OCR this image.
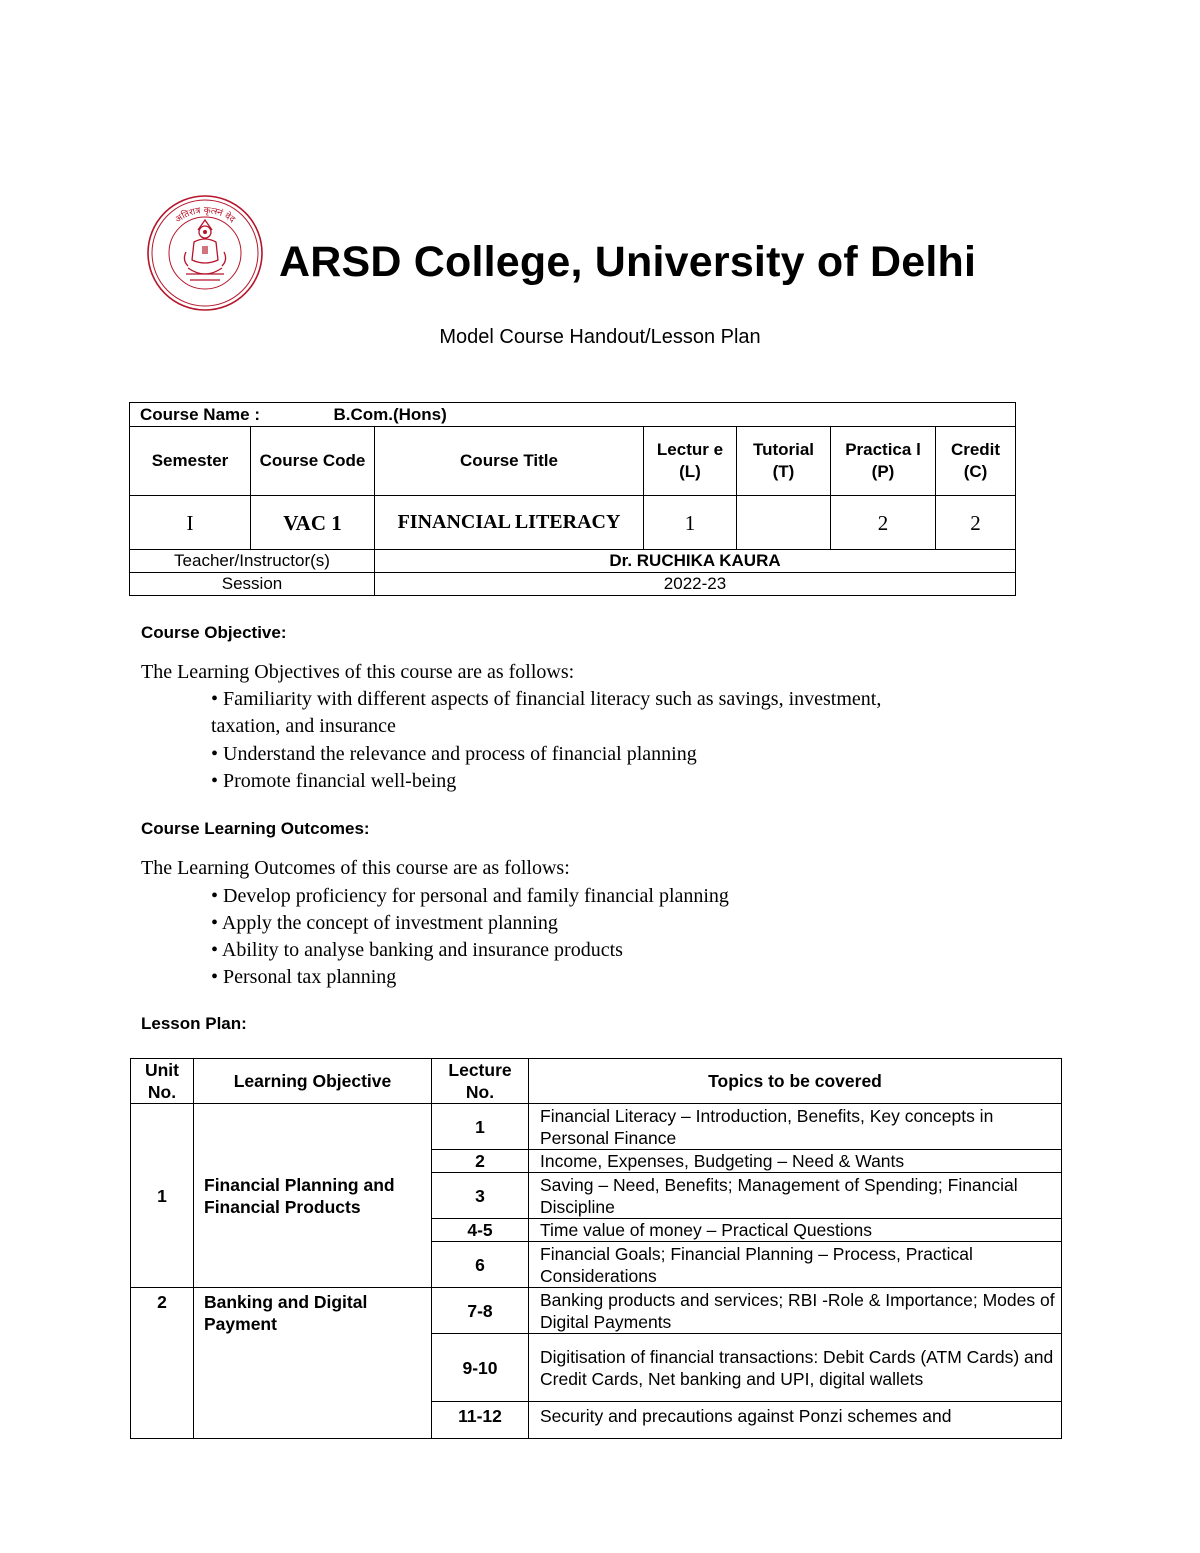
अतिरात्र कृत्स्नं वेद
ARSD College, University of Delhi
Model Course Handout/Lesson Plan
Course Name : B.Com.(Hons)						
Semester	Course Code	Course Title	Lectur e (L)	Tutorial (T)	Practica l (P)	Credit (C)
I	VAC 1	FINANCIAL LITERACY	1		2	2
Teacher/Instructor(s)		Dr. RUCHIKA KAURA				
Session		2022-23				
Course Objective:
The Learning Objectives of this course are as follows:
• Familiarity with different aspects of financial literacy such as savings, investment,
taxation, and insurance
• Understand the relevance and process of financial planning
• Promote financial well-being
Course Learning Outcomes:
The Learning Outcomes of this course are as follows:
• Develop proficiency for personal and family financial planning
• Apply the concept of investment planning
• Ability to analyse banking and insurance products
• Personal tax planning
Lesson Plan:
Unit No.	Learning Objective	Lecture No.	Topics to be covered
1	Financial Planning and Financial Products	1	Financial Literacy – Introduction, Benefits, Key concepts in Personal Finance
		2	Income, Expenses, Budgeting – Need & Wants
		3	Saving – Need, Benefits; Management of Spending; Financial Discipline
		4-5	Time value of money – Practical Questions
		6	Financial Goals; Financial Planning – Process, Practical Considerations
2	Banking and Digital Payment	7-8	Banking products and services; RBI -Role & Importance; Modes of Digital Payments
		9-10	Digitisation of financial transactions: Debit Cards (ATM Cards) and Credit Cards, Net banking and UPI, digital wallets
		11-12	Security and precautions against Ponzi schemes and
